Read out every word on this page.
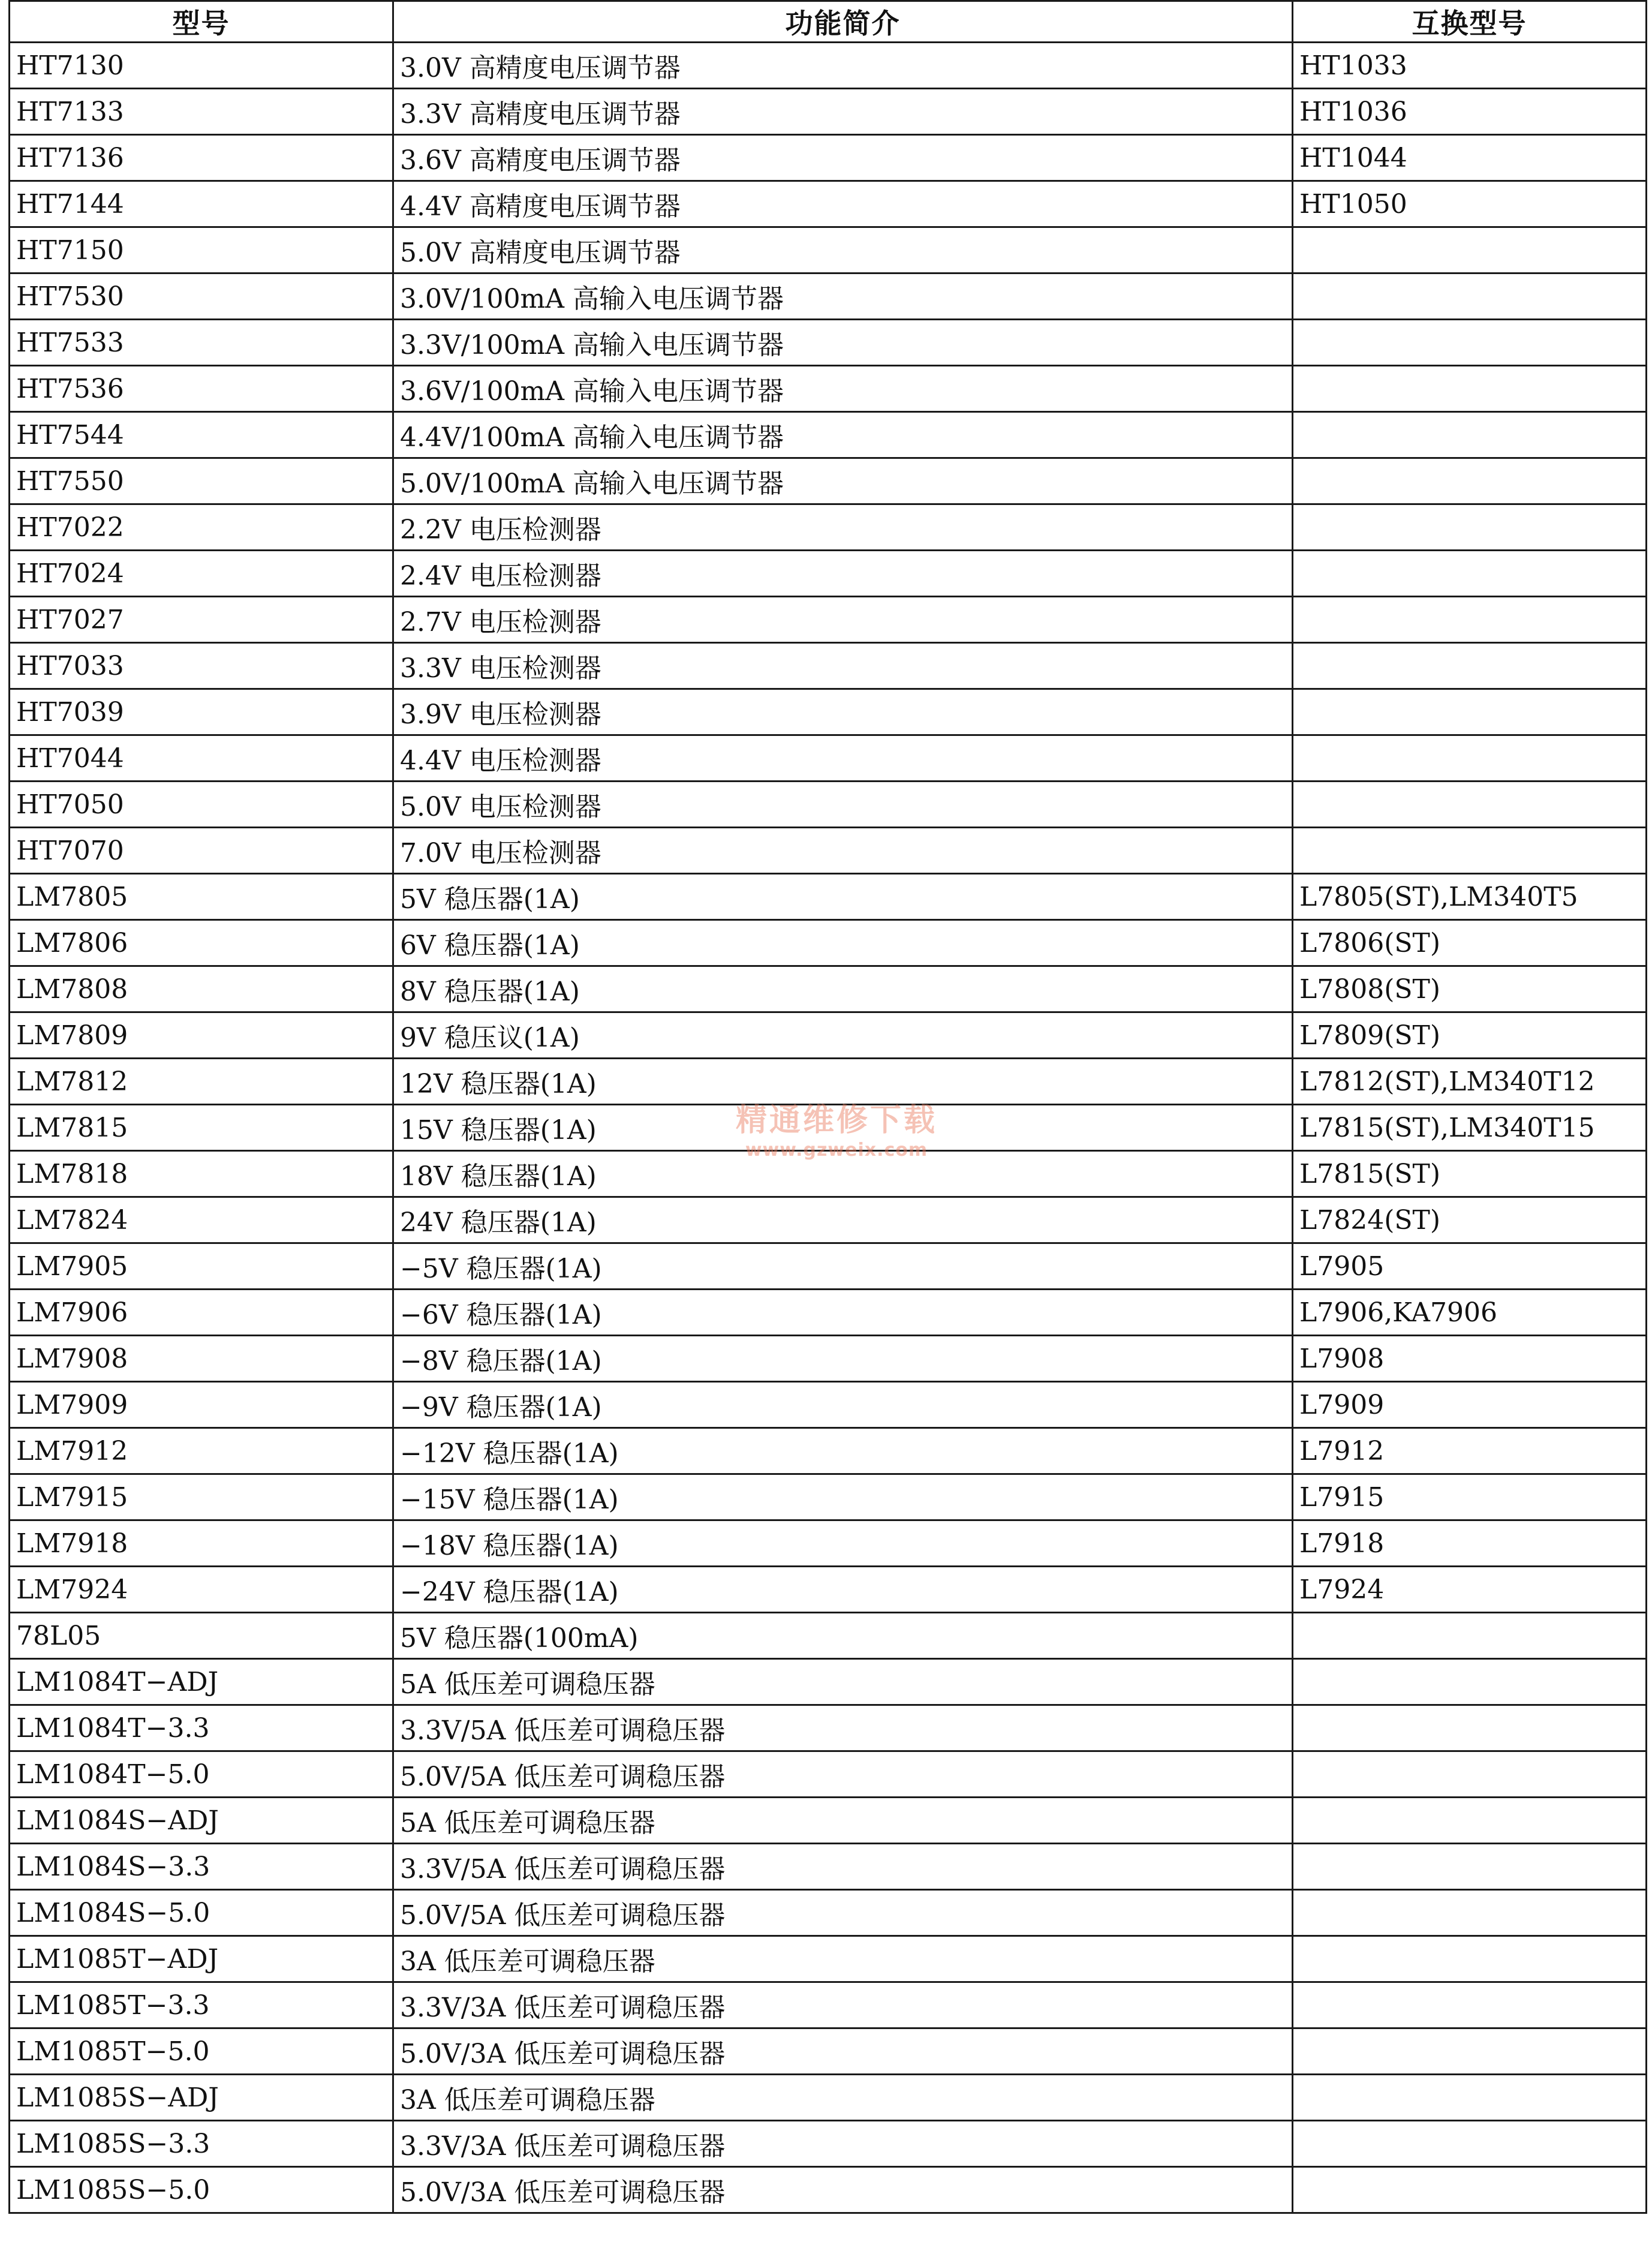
型号	功能简介	互换型号
HT7130	3.0V 高精度电压调节器	HT1033
HT7133	3.3V 高精度电压调节器	HT1036
HT7136	3.6V 高精度电压调节器	HT1044
HT7144	4.4V 高精度电压调节器	HT1050
HT7150	5.0V 高精度电压调节器	
HT7530	3.0V/100mA 高输入电压调节器	
HT7533	3.3V/100mA 高输入电压调节器	
HT7536	3.6V/100mA 高输入电压调节器	
HT7544	4.4V/100mA 高输入电压调节器	
HT7550	5.0V/100mA 高输入电压调节器	
HT7022	2.2V 电压检测器	
HT7024	2.4V 电压检测器	
HT7027	2.7V 电压检测器	
HT7033	3.3V 电压检测器	
HT7039	3.9V 电压检测器	
HT7044	4.4V 电压检测器	
HT7050	5.0V 电压检测器	
HT7070	7.0V 电压检测器	
LM7805	5V 稳压器(1A)	L7805(ST),LM340T5
LM7806	6V 稳压器(1A)	L7806(ST)
LM7808	8V 稳压器(1A)	L7808(ST)
LM7809	9V 稳压议(1A)	L7809(ST)
LM7812	12V 稳压器(1A)	L7812(ST),LM340T12
LM7815	15V 稳压器(1A)	L7815(ST),LM340T15
LM7818	18V 稳压器(1A)	L7815(ST)
LM7824	24V 稳压器(1A)	L7824(ST)
LM7905	−5V 稳压器(1A)	L7905
LM7906	−6V 稳压器(1A)	L7906,KA7906
LM7908	−8V 稳压器(1A)	L7908
LM7909	−9V 稳压器(1A)	L7909
LM7912	−12V 稳压器(1A)	L7912
LM7915	−15V 稳压器(1A)	L7915
LM7918	−18V 稳压器(1A)	L7918
LM7924	−24V 稳压器(1A)	L7924
78L05	5V 稳压器(100mA)	
LM1084T−ADJ	5A 低压差可调稳压器	
LM1084T−3.3	3.3V/5A 低压差可调稳压器	
LM1084T−5.0	5.0V/5A 低压差可调稳压器	
LM1084S−ADJ	5A 低压差可调稳压器	
LM1084S−3.3	3.3V/5A 低压差可调稳压器	
LM1084S−5.0	5.0V/5A 低压差可调稳压器	
LM1085T−ADJ	3A 低压差可调稳压器	
LM1085T−3.3	3.3V/3A 低压差可调稳压器	
LM1085T−5.0	5.0V/3A 低压差可调稳压器	
LM1085S−ADJ	3A 低压差可调稳压器	
LM1085S−3.3	3.3V/3A 低压差可调稳压器	
LM1085S−5.0	5.0V/3A 低压差可调稳压器	
精通维修下载
www.gzweix.com
